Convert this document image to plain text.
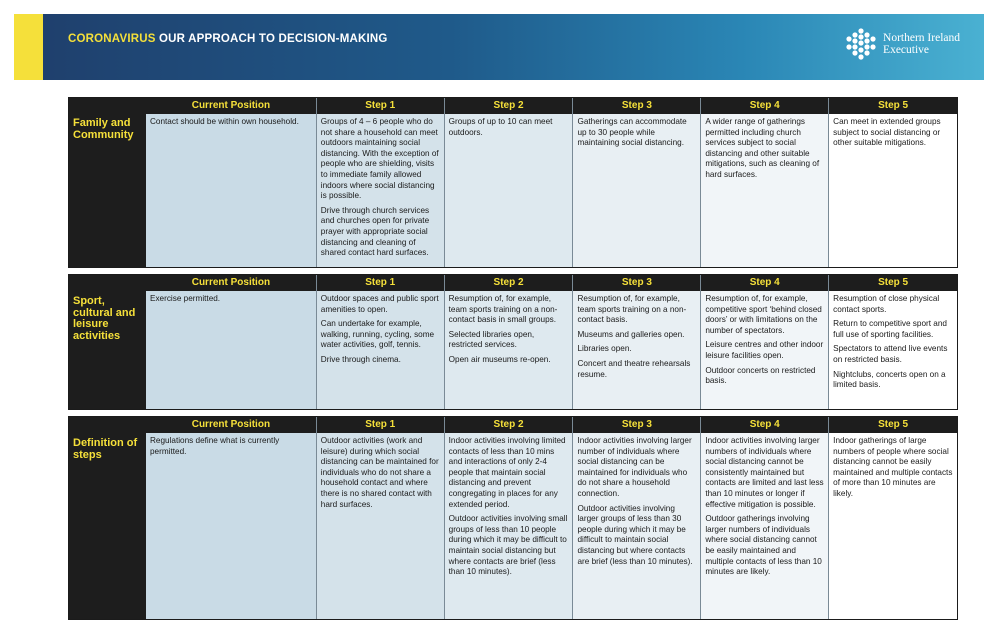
CORONAVIRUS OUR APPROACH TO DECISION-MAKING	Northern Ireland
Executive
Family and Community
Current Position

Contact should be within own household.

Step 1

Groups of 4 – 6 people who do not share a household can meet outdoors maintaining social distancing. With the exception of people who are shielding, visits to immediate family allowed indoors where social distancing is possible.

Drive through church services and churches open for private prayer with appropriate social distancing and cleaning of shared contact hard surfaces.

Step 2

Groups of up to 10 can meet outdoors.

Step 3

Gatherings can accommodate up to 30 people while maintaining social distancing.

Step 4

A wider range of gatherings permitted including church services subject to social distancing and other suitable mitigations, such as cleaning of hard surfaces.

Step 5

Can meet in extended groups subject to social distancing or other suitable mitigations.

Sport, cultural and leisure activities
Current Position

Exercise permitted.

Step 1

Outdoor spaces and public sport amenities to open.

Can undertake for example, walking, running, cycling, some water activities, golf, tennis.

Drive through cinema.

Step 2

Resumption of, for example, team sports training on a non-contact basis in small groups.

Selected libraries open, restricted services.

Open air museums re-open.

Step 3

Resumption of, for example, team sports training on a non-contact basis.

Museums and galleries open.

Libraries open.

Concert and theatre rehearsals resume.

Step 4

Resumption of, for example, competitive sport ‘behind closed doors’ or with limitations on the number of spectators.

Leisure centres and other indoor leisure facilities open.

Outdoor concerts on restricted basis.

Step 5

Resumption of close physical contact sports.

Return to competitive sport and full use of sporting facilities.

Spectators to attend live events on restricted basis.

Nightclubs, concerts open on a limited basis.

Definition of steps
Current Position

Regulations define what is currently permitted.

Step 1

Outdoor activities (work and leisure) during which social distancing can be maintained for individuals who do not share a household contact and where there is no shared contact with hard surfaces.

Step 2

Indoor activities involving limited contacts of less than 10 mins and interactions of only 2-4 people that maintain social distancing and prevent congregating in places for any extended period.

Outdoor activities involving small groups of less than 10 people during which it may be difficult to maintain social distancing but where contacts are brief (less than 10 minutes).

Step 3

Indoor activities involving larger number of individuals where social distancing can be maintained for individuals who do not share a household connection.

Outdoor activities involving larger groups of less than 30 people during which it may be difficult to maintain social distancing but where contacts are brief (less than 10 minutes).

Step 4

Indoor activities involving larger numbers of individuals where social distancing cannot be consistently maintained but contacts are limited and last less than 10 minutes or longer if effective mitigation is possible.

Outdoor gatherings involving larger numbers of individuals where social distancing cannot be easily maintained and multiple contacts of less than 10 minutes are likely.

Step 5

Indoor gatherings of large numbers of people where social distancing cannot be easily maintained and multiple contacts of more than 10 minutes are likely.
